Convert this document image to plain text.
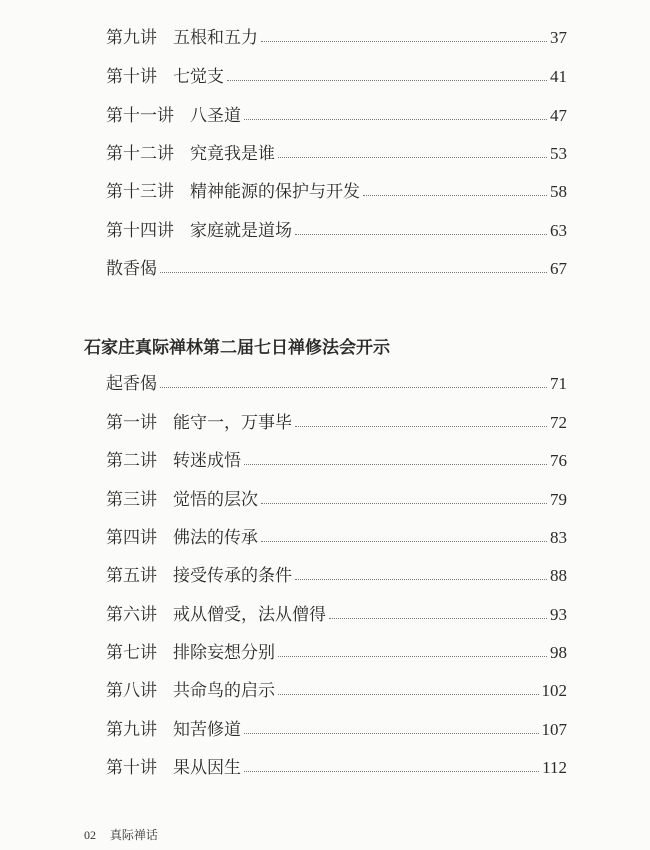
第九讲 五根和五力	37
第十讲 七觉支	41
第十一讲 八圣道	47
第十二讲 究竟我是谁	53
第十三讲 精神能源的保护与开发	58
第十四讲 家庭就是道场	63
散香偈	67
石家庄真际禅林第二届七日禅修法会开示
起香偈	71
第一讲 能守一，万事毕	72
第二讲 转迷成悟	76
第三讲 觉悟的层次	79
第四讲 佛法的传承	83
第五讲 接受传承的条件	88
第六讲 戒从僧受，法从僧得	93
第七讲 排除妄想分别	98
第八讲 共命鸟的启示	102
第九讲 知苦修道	107
第十讲 果从因生	112
02 真际禅话
